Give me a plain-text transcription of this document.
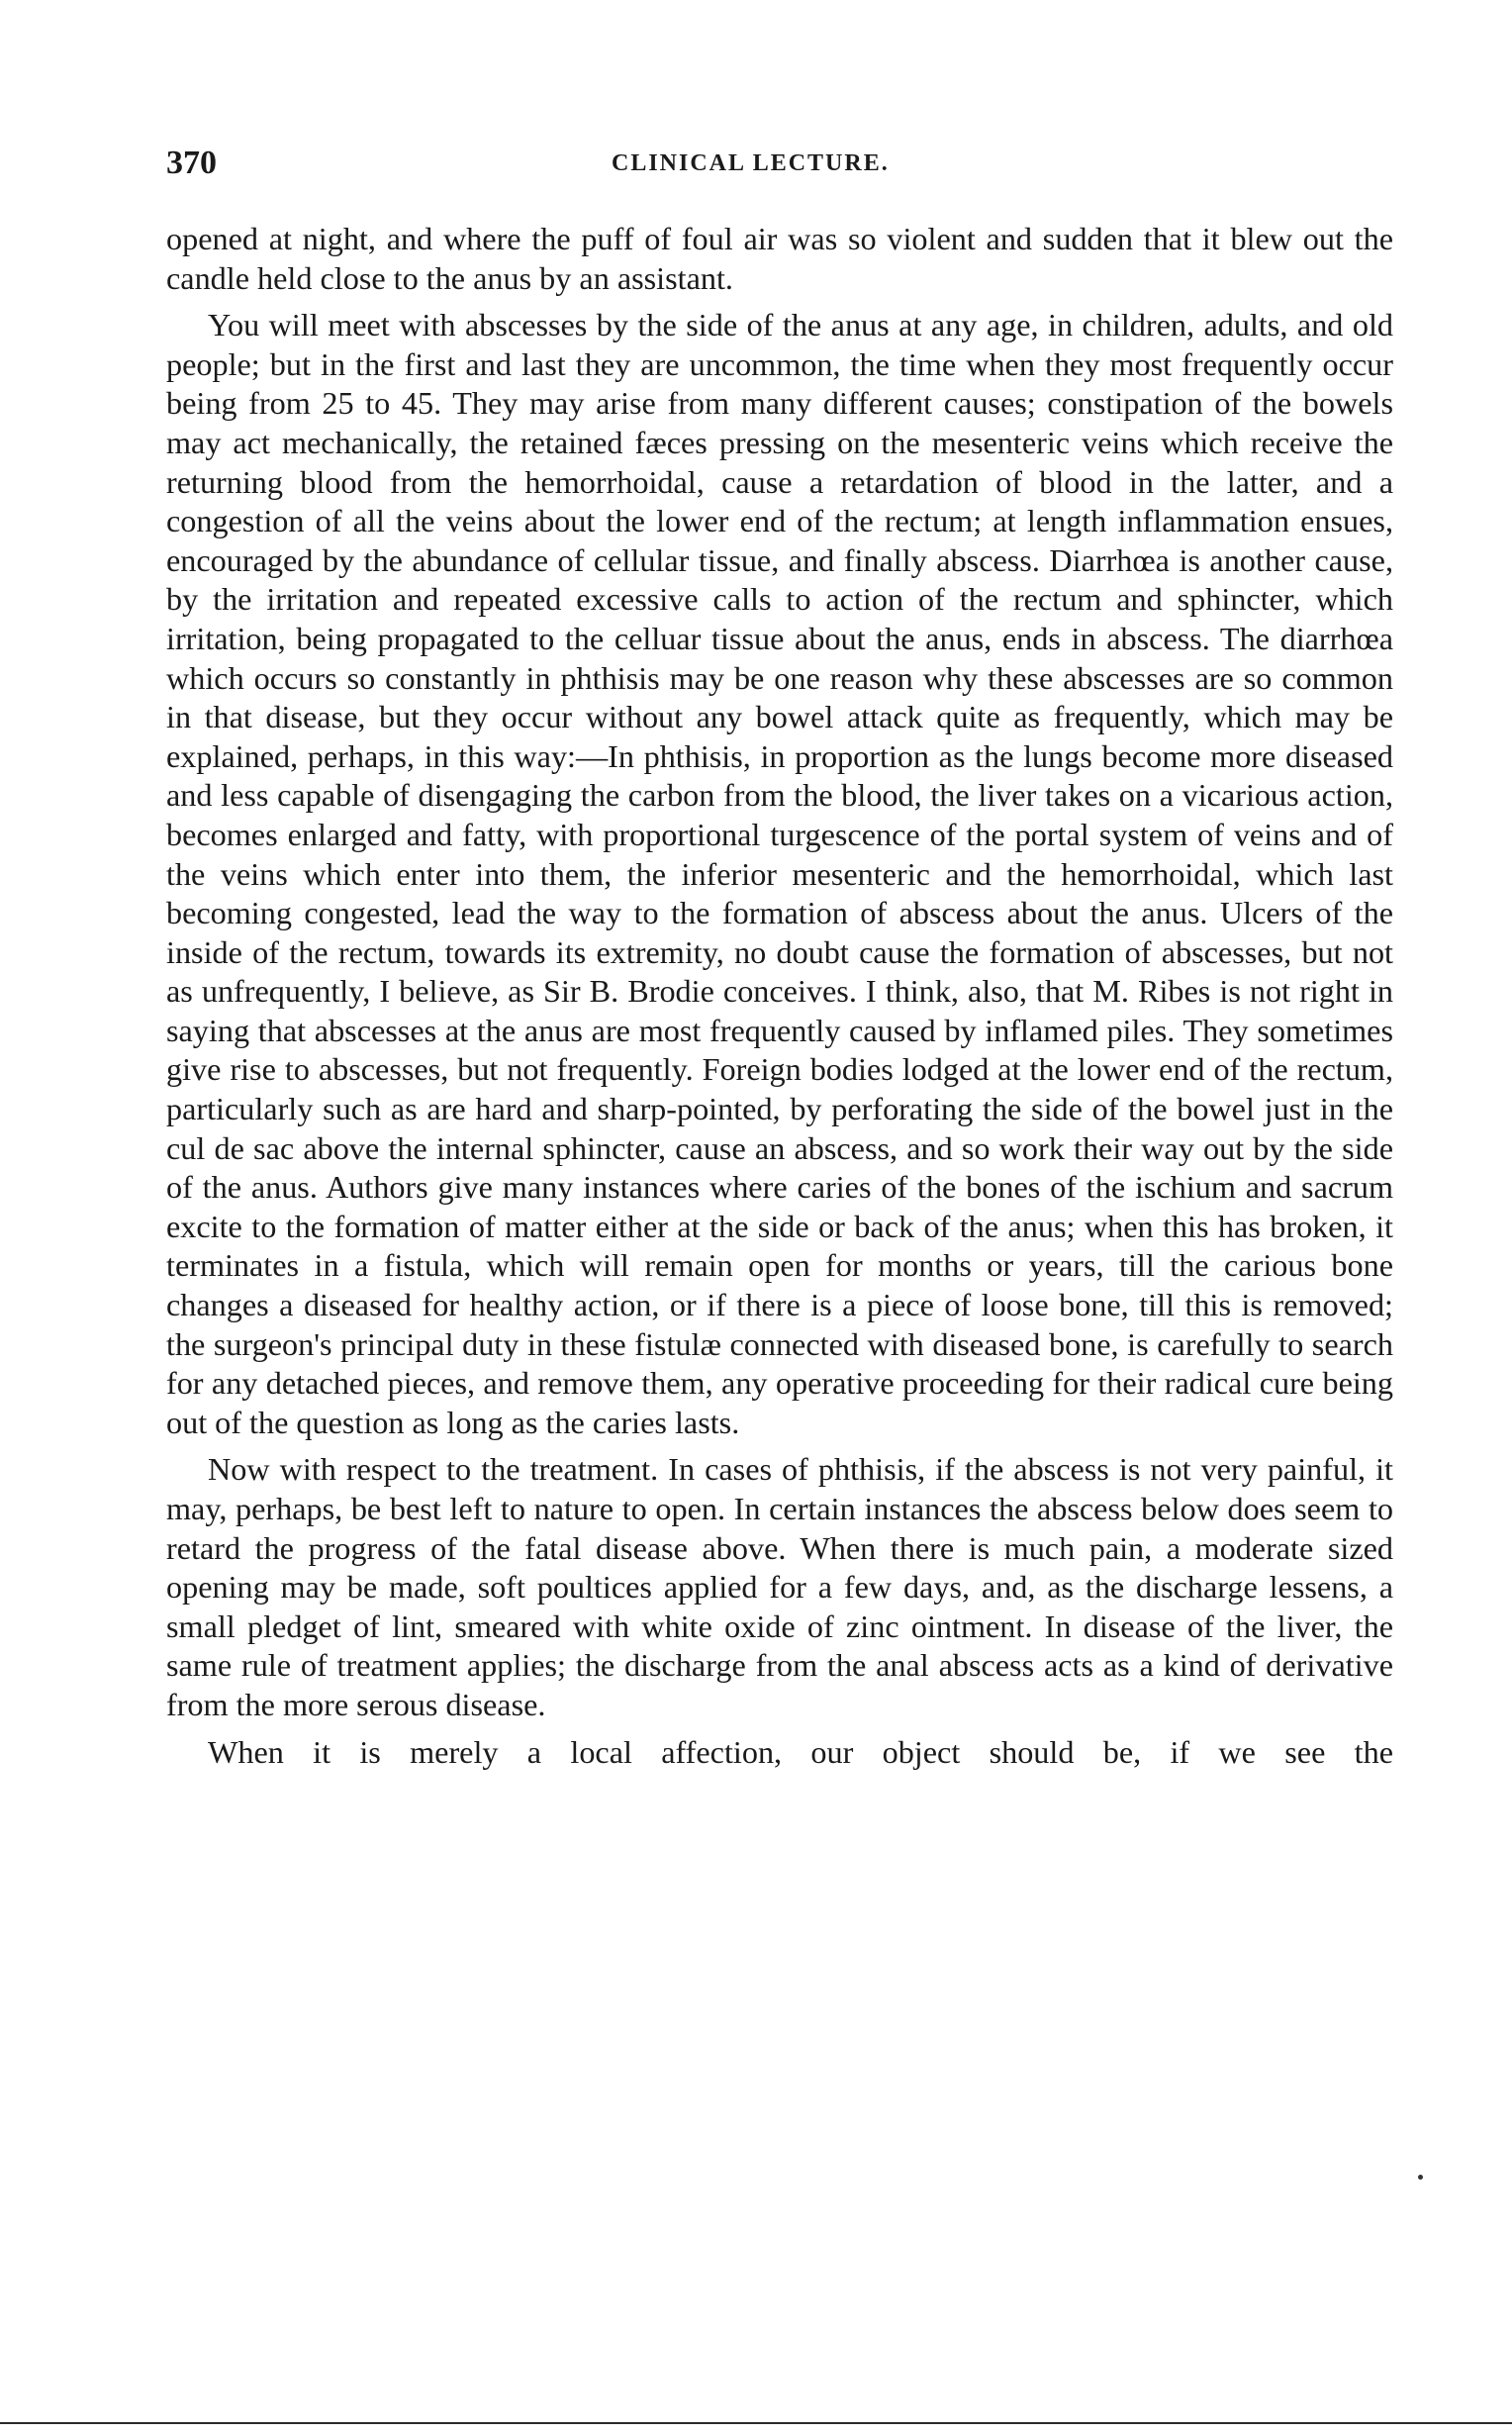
370	CLINICAL LECTURE.

opened at night, and where the puff of foul air was so violent and sudden that it blew out the candle held close to the anus by an assistant.

You will meet with abscesses by the side of the anus at any age, in children, adults, and old people; but in the first and last they are uncommon, the time when they most frequently occur being from 25 to 45. They may arise from many different causes; constipation of the bowels may act mechanically, the retained fæces pressing on the mesenteric veins which receive the returning blood from the hemorrhoidal, cause a retardation of blood in the latter, and a congestion of all the veins about the lower end of the rectum; at length inflammation ensues, encouraged by the abundance of cellular tissue, and finally abscess. Diarrhœa is another cause, by the irritation and repeated excessive calls to action of the rectum and sphincter, which irritation, being propagated to the celluar tissue about the anus, ends in abscess. The diarrhœa which occurs so constantly in phthisis may be one reason why these abscesses are so common in that disease, but they occur without any bowel attack quite as frequently, which may be explained, perhaps, in this way:—In phthisis, in proportion as the lungs become more diseased and less capable of disengaging the carbon from the blood, the liver takes on a vicarious action, becomes enlarged and fatty, with proportional turgescence of the portal system of veins and of the veins which enter into them, the inferior mesenteric and the hemorrhoidal, which last becoming congested, lead the way to the formation of abscess about the anus. Ulcers of the inside of the rectum, towards its extremity, no doubt cause the formation of abscesses, but not as unfrequently, I believe, as Sir B. Brodie conceives. I think, also, that M. Ribes is not right in saying that abscesses at the anus are most frequently caused by inflamed piles. They sometimes give rise to abscesses, but not frequently. Foreign bodies lodged at the lower end of the rectum, particularly such as are hard and sharp-pointed, by perforating the side of the bowel just in the cul de sac above the internal sphincter, cause an abscess, and so work their way out by the side of the anus. Authors give many instances where caries of the bones of the ischium and sacrum excite to the formation of matter either at the side or back of the anus; when this has broken, it terminates in a fistula, which will remain open for months or years, till the carious bone changes a diseased for healthy action, or if there is a piece of loose bone, till this is removed; the surgeon's principal duty in these fistulæ connected with diseased bone, is carefully to search for any detached pieces, and remove them, any operative proceeding for their radical cure being out of the question as long as the caries lasts.

Now with respect to the treatment. In cases of phthisis, if the abscess is not very painful, it may, perhaps, be best left to nature to open. In certain instances the abscess below does seem to retard the progress of the fatal disease above. When there is much pain, a moderate sized opening may be made, soft poultices applied for a few days, and, as the discharge lessens, a small pledget of lint, smeared with white oxide of zinc ointment. In disease of the liver, the same rule of treatment applies; the discharge from the anal abscess acts as a kind of derivative from the more serous disease.

When it is merely a local affection, our object should be, if we see the
